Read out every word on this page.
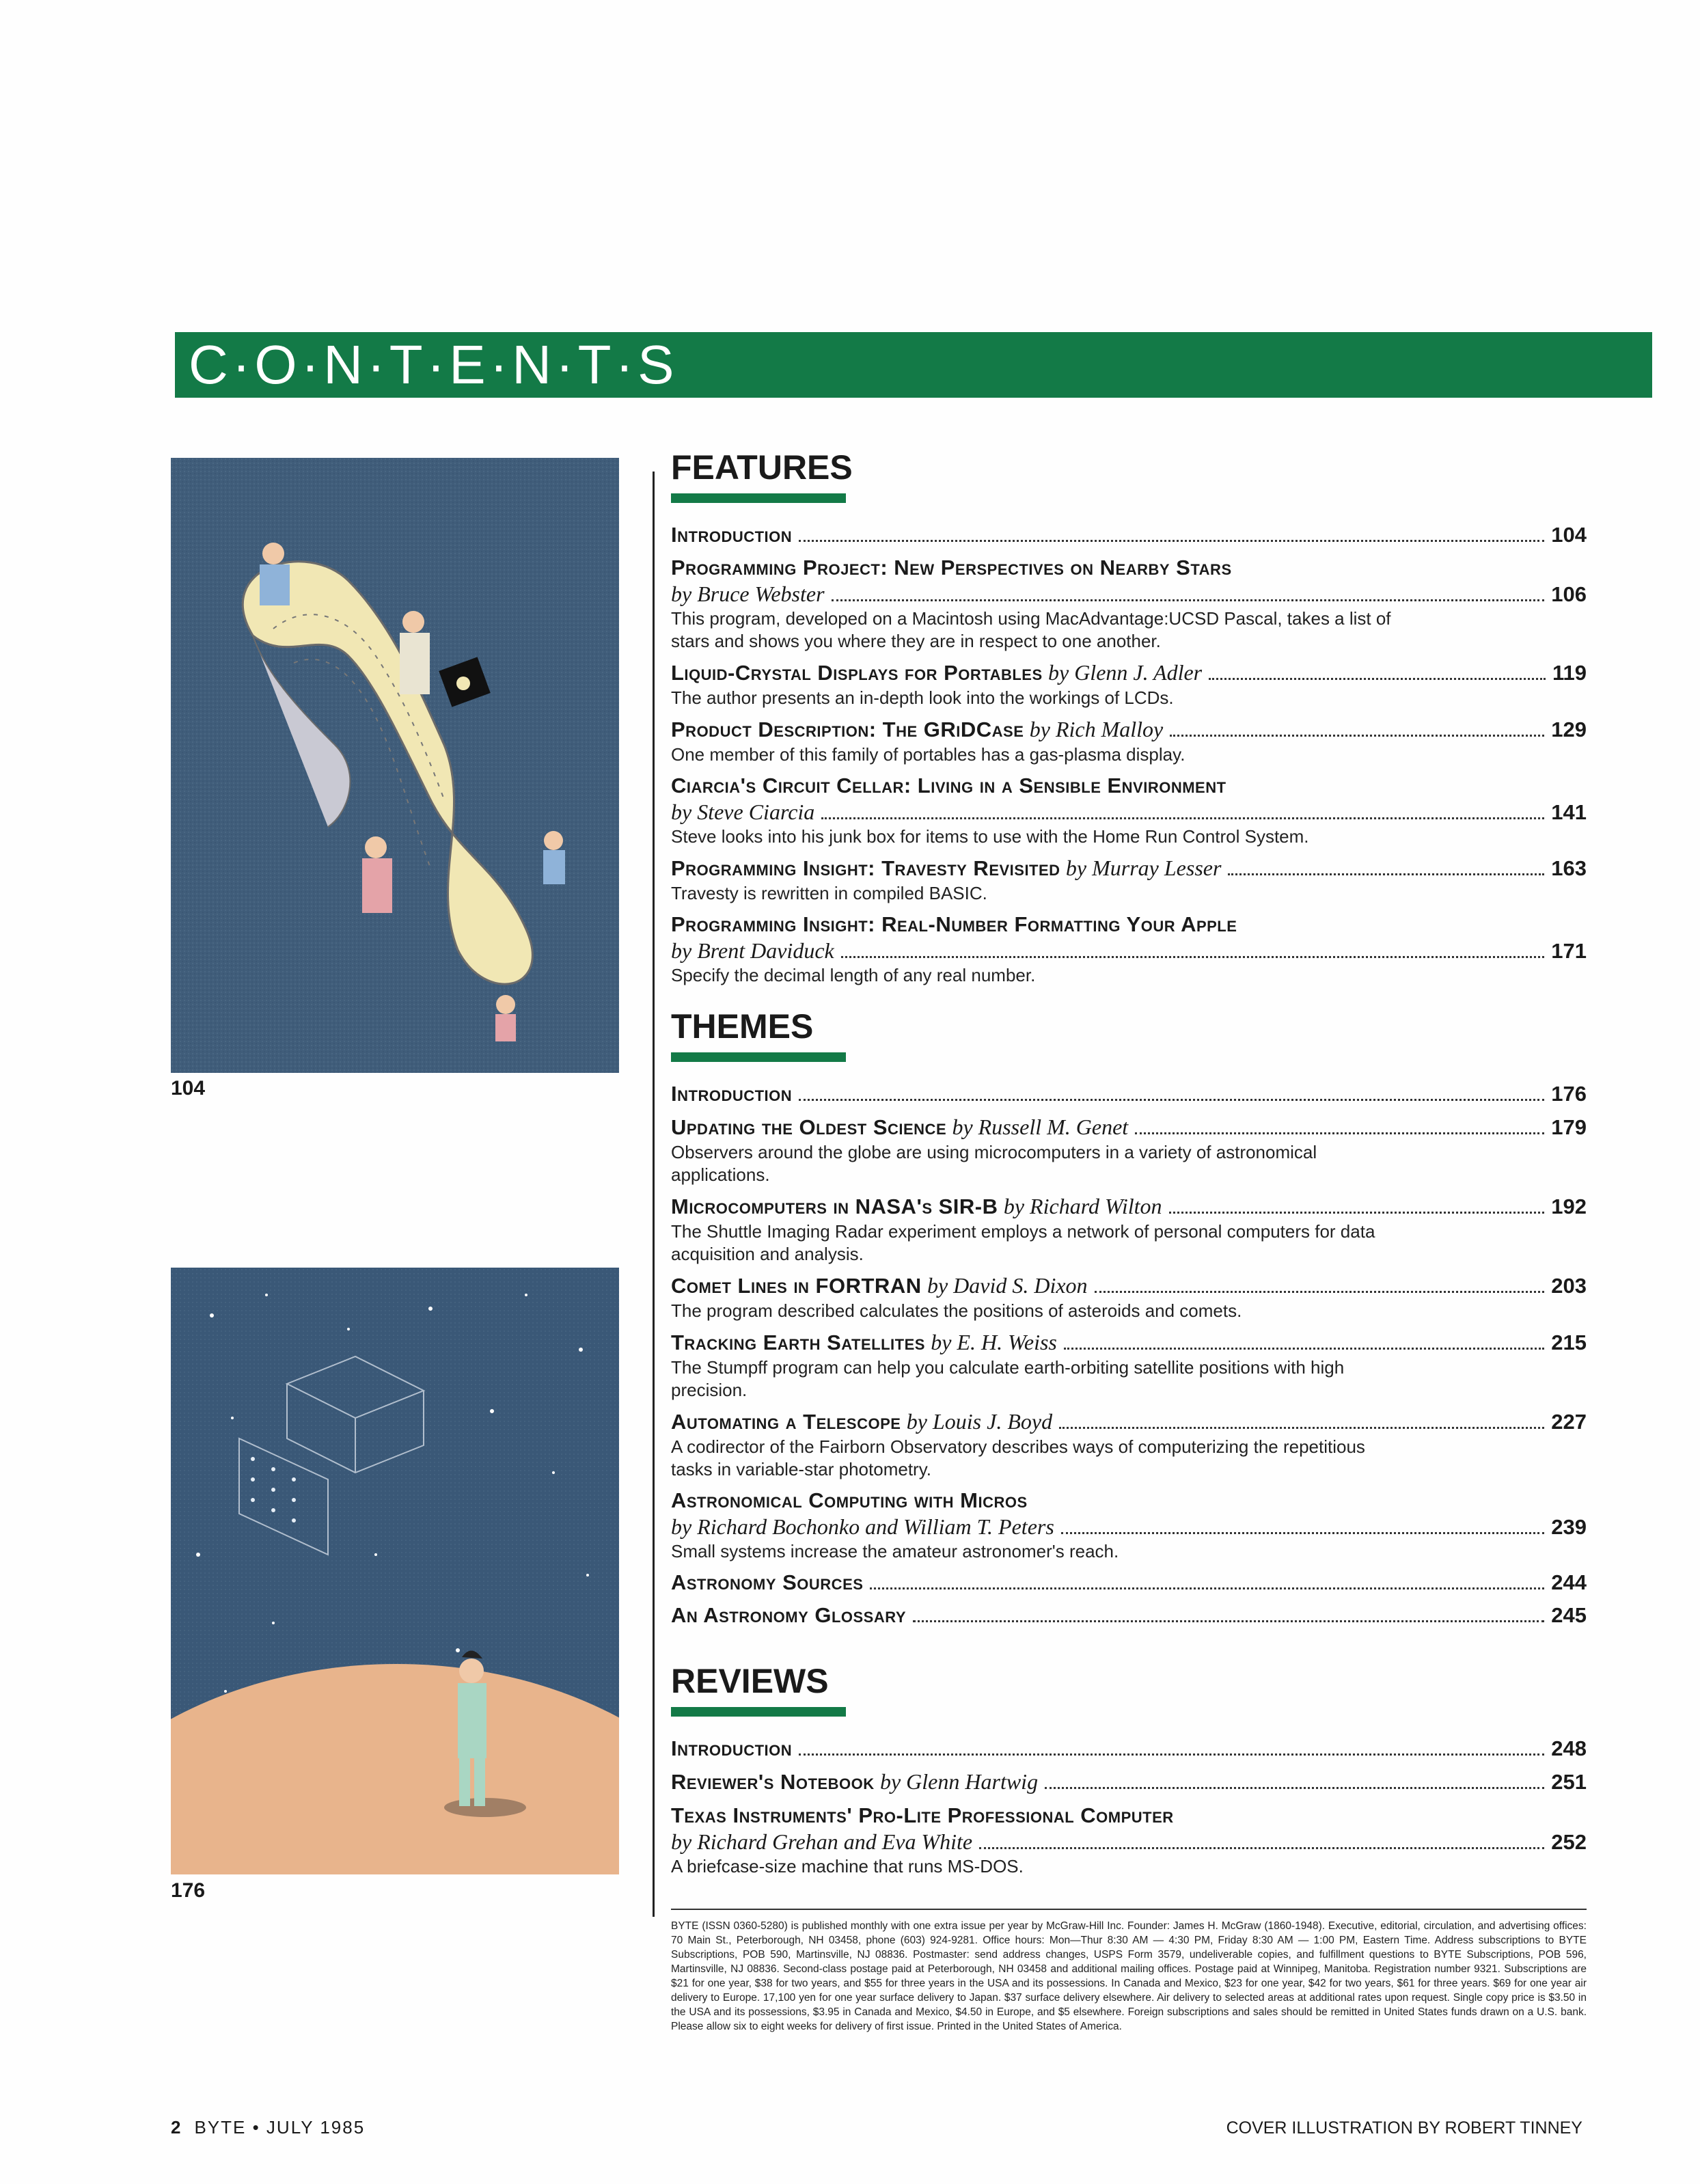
C·O·N·T·E·N·T·S
104
176
FEATURES
Introduction	104
Programming Project: New Perspectives on Nearby Stars
by Bruce Webster	106
This program, developed on a Macintosh using MacAdvantage:UCSD Pascal, takes a list of stars and shows you where they are in respect to one another.
Liquid-Crystal Displays for Portables
by Glenn J. Adler	119
The author presents an in-depth look into the workings of LCDs.
Product Description: The GRiDCase
by Rich Malloy	129
One member of this family of portables has a gas-plasma display.
Ciarcia's Circuit Cellar: Living in a Sensible Environment
by Steve Ciarcia	141
Steve looks into his junk box for items to use with the Home Run Control System.
Programming Insight: Travesty Revisited
by Murray Lesser	163
Travesty is rewritten in compiled BASIC.
Programming Insight: Real-Number Formatting Your Apple
by Brent Daviduck	171
Specify the decimal length of any real number.
THEMES
Introduction	176
Updating the Oldest Science
by Russell M. Genet	179
Observers around the globe are using microcomputers in a variety of astronomical applications.
Microcomputers in NASA's SIR-B
by Richard Wilton	192
The Shuttle Imaging Radar experiment employs a network of personal computers for data acquisition and analysis.
Comet Lines in FORTRAN
by David S. Dixon	203
The program described calculates the positions of asteroids and comets.
Tracking Earth Satellites
by E. H. Weiss	215
The Stumpff program can help you calculate earth-orbiting satellite positions with high precision.
Automating a Telescope
by Louis J. Boyd	227
A codirector of the Fairborn Observatory describes ways of computerizing the repetitious tasks in variable-star photometry.
Astronomical Computing with Micros
by Richard Bochonko and William T. Peters	239
Small systems increase the amateur astronomer's reach.
Astronomy Sources	244
An Astronomy Glossary	245
REVIEWS
Introduction	248
Reviewer's Notebook
by Glenn Hartwig	251
Texas Instruments' Pro-Lite Professional Computer
by Richard Grehan and Eva White	252
A briefcase-size machine that runs MS-DOS.
BYTE (ISSN 0360-5280) is published monthly with one extra issue per year by McGraw-Hill Inc. Founder: James H. McGraw (1860-1948). Executive, editorial, circulation, and advertising offices: 70 Main St., Peterborough, NH 03458, phone (603) 924-9281. Office hours: Mon—Thur 8:30 AM — 4:30 PM, Friday 8:30 AM — 1:00 PM, Eastern Time. Address subscriptions to BYTE Subscriptions, POB 590, Martinsville, NJ 08836. Postmaster: send address changes, USPS Form 3579, undeliverable copies, and fulfillment questions to BYTE Subscriptions, POB 596, Martinsville, NJ 08836. Second-class postage paid at Peterborough, NH 03458 and additional mailing offices. Postage paid at Winnipeg, Manitoba. Registration number 9321. Subscriptions are $21 for one year, $38 for two years, and $55 for three years in the USA and its possessions. In Canada and Mexico, $23 for one year, $42 for two years, $61 for three years. $69 for one year air delivery to Europe. 17,100 yen for one year surface delivery to Japan. $37 surface delivery elsewhere. Air delivery to selected areas at additional rates upon request. Single copy price is $3.50 in the USA and its possessions, $3.95 in Canada and Mexico, $4.50 in Europe, and $5 elsewhere. Foreign subscriptions and sales should be remitted in United States funds drawn on a U.S. bank. Please allow six to eight weeks for delivery of first issue. Printed in the United States of America.
2 BYTE • JULY 1985	COVER ILLUSTRATION BY ROBERT TINNEY
